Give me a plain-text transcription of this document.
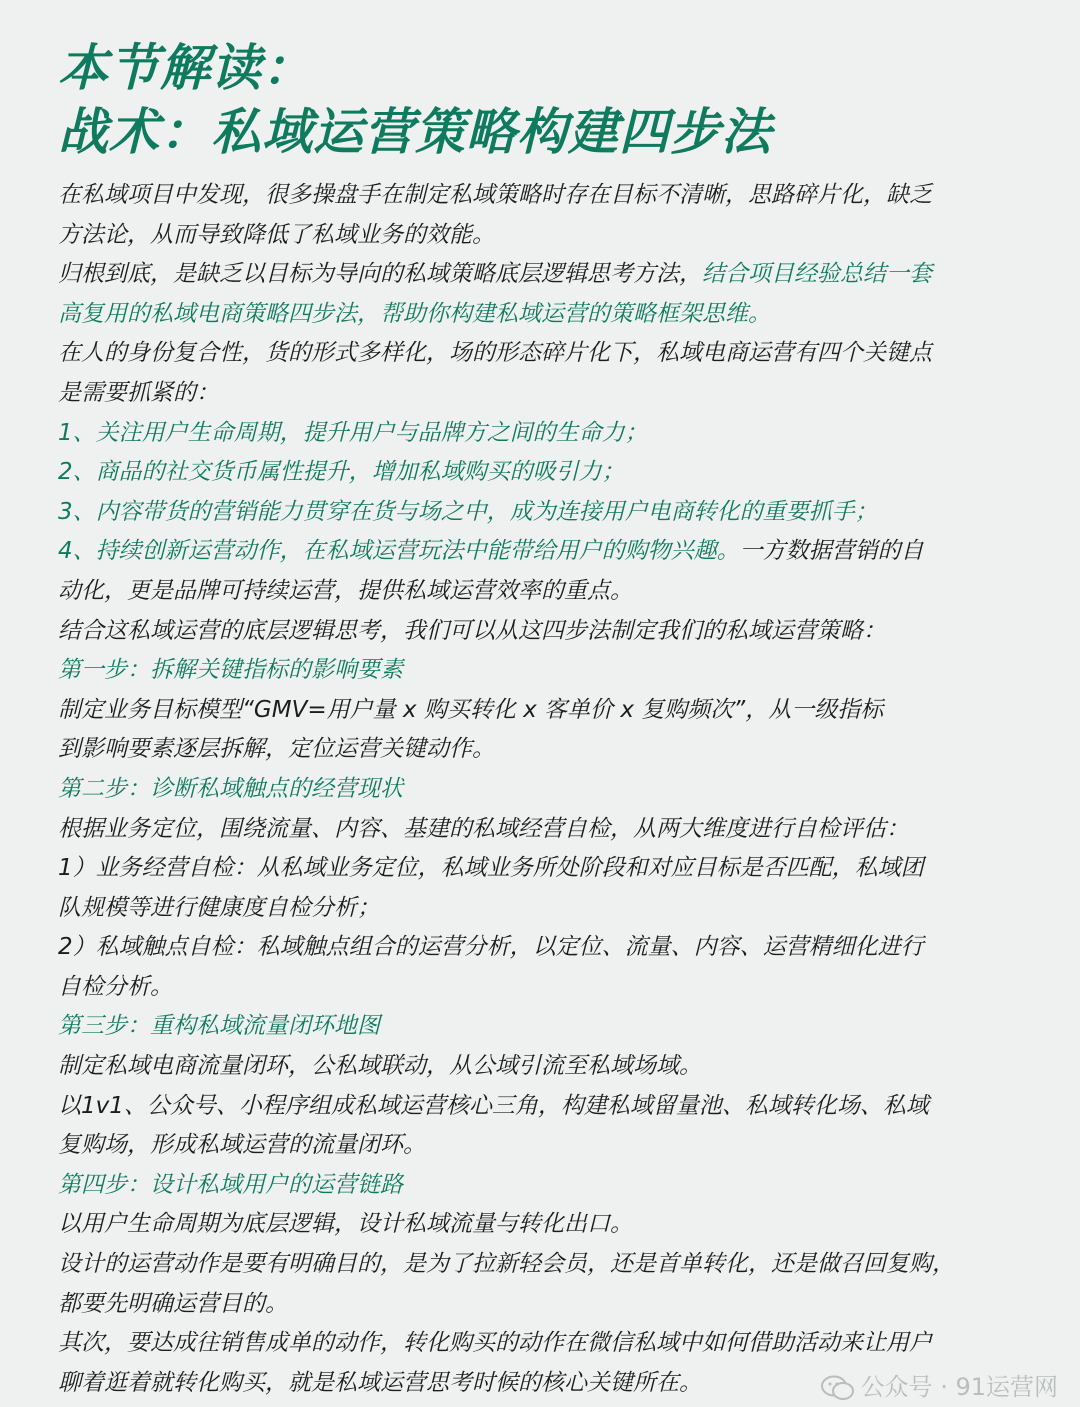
本节解读：
战术：私域运营策略构建四步法

在私域项目中发现，很多操盘手在制定私域策略时存在目标不清晰，思路碎片化，缺乏

方法论，从而导致降低了私域业务的效能。

归根到底，是缺乏以目标为导向的私域策略底层逻辑思考方法，结合项目经验总结一套

高复用的私域电商策略四步法，帮助你构建私域运营的策略框架思维。

在人的身份复合性，货的形式多样化，场的形态碎片化下，私域电商运营有四个关键点

是需要抓紧的：

1、关注用户生命周期，提升用户与品牌方之间的生命力；

2、商品的社交货币属性提升，增加私域购买的吸引力；

3、内容带货的营销能力贯穿在货与场之中，成为连接用户电商转化的重要抓手；

4、持续创新运营动作，在私域运营玩法中能带给用户的购物兴趣。一方数据营销的自

动化，更是品牌可持续运营，提供私域运营效率的重点。

结合这私域运营的底层逻辑思考，我们可以从这四步法制定我们的私域运营策略：

第一步：拆解关键指标的影响要素

制定业务目标模型“GMV=用户量 x 购买转化 x 客单价 x 复购频次”，从一级指标

到影响要素逐层拆解，定位运营关键动作。

第二步：诊断私域触点的经营现状

根据业务定位，围绕流量、内容、基建的私域经营自检，从两大维度进行自检评估：

1）业务经营自检：从私域业务定位，私域业务所处阶段和对应目标是否匹配，私域团

队规模等进行健康度自检分析；

2）私域触点自检：私域触点组合的运营分析，以定位、流量、内容、运营精细化进行

自检分析。

第三步：重构私域流量闭环地图

制定私域电商流量闭环，公私域联动，从公域引流至私域场域。

以1v1、公众号、小程序组成私域运营核心三角，构建私域留量池、私域转化场、私域

复购场，形成私域运营的流量闭环。

第四步：设计私域用户的运营链路

以用户生命周期为底层逻辑，设计私域流量与转化出口。

设计的运营动作是要有明确目的，是为了拉新轻会员，还是首单转化，还是做召回复购，

都要先明确运营目的。

其次，要达成往销售成单的动作，转化购买的动作在微信私域中如何借助活动来让用户

聊着逛着就转化购买，就是私域运营思考时候的核心关键所在。	公众号 · 91运营网
